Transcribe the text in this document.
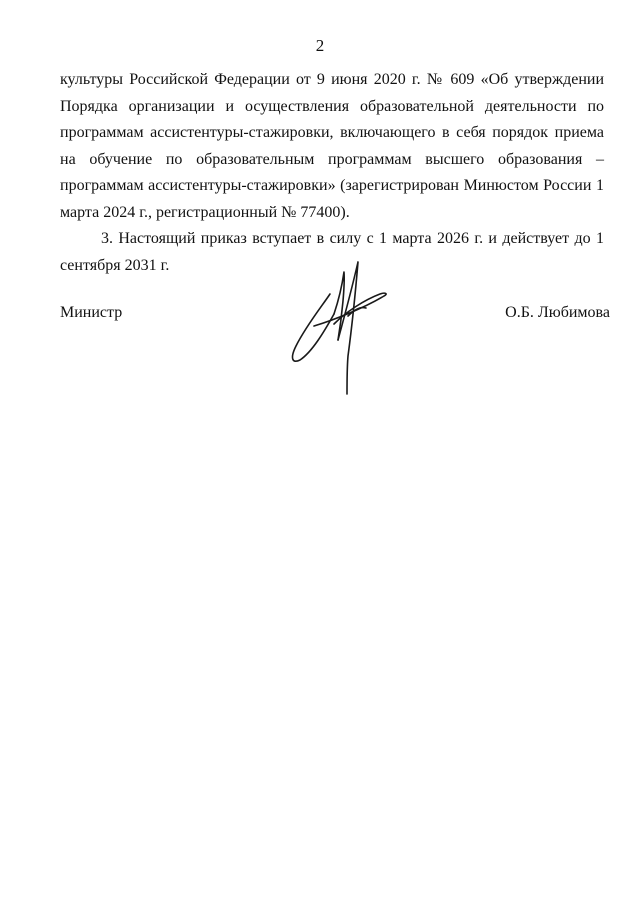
2
культуры Российской Федерации от 9 июня 2020 г. № 609 «Об утверждении Порядка организации и осуществления образовательной деятельности по программам ассистентуры-стажировки, включающего в себя порядок приема на обучение по образовательным программам высшего образования – программам ассистентуры-стажировки» (зарегистрирован Минюстом России 1 марта 2024 г., регистрационный № 77400).
3. Настоящий приказ вступает в силу с 1 марта 2026 г. и действует до 1 сентября 2031 г.
Министр	О.Б. Любимова
